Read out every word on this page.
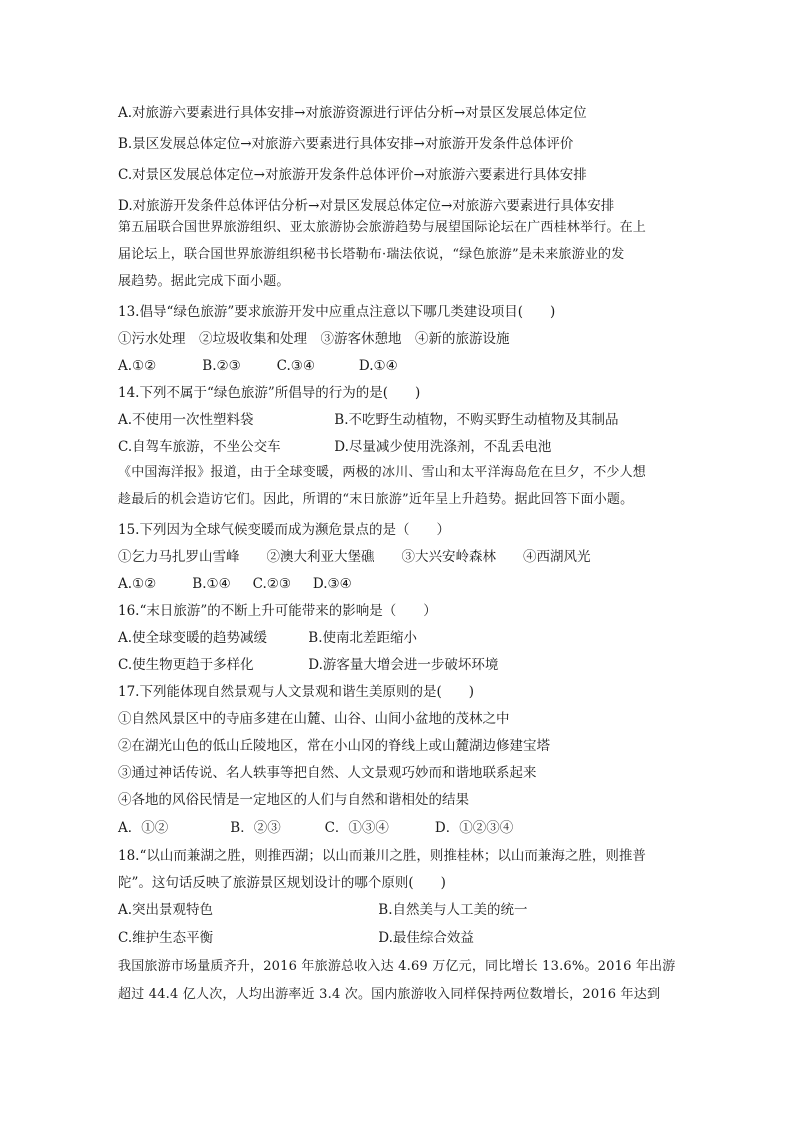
A.对旅游六要素进行具体安排→对旅游资源进行评估分析→对景区发展总体定位
B.景区发展总体定位→对旅游六要素进行具体安排→对旅游开发条件总体评价
C.对景区发展总体定位→对旅游开发条件总体评价→对旅游六要素进行具体安排
D.对旅游开发条件总体评估分析→对景区发展总体定位→对旅游六要素进行具体安排
第五届联合国世界旅游组织、亚太旅游协会旅游趋势与展望国际论坛在广西桂林举行。在上
届论坛上，联合国世界旅游组织秘书长塔勒布·瑞法依说，“绿色旅游”是未来旅游业的发
展趋势。据此完成下面小题。
13.倡导“绿色旅游”要求旅游开发中应重点注意以下哪几类建设项目(　　)
①污水处理　②垃圾收集和处理　③游客休憩地　④新的旅游设施
A.①②	B.②③	C.③④	D.①④
14.下列不属于“绿色旅游”所倡导的行为的是(　　)
A.不使用一次性塑料袋	B.不吃野生动植物，不购买野生动植物及其制品
C.自驾车旅游，不坐公交车	D.尽量减少使用洗涤剂，不乱丢电池
《中国海洋报》报道，由于全球变暖，两极的冰川、雪山和太平洋海岛危在旦夕，不少人想
趁最后的机会造访它们。因此，所谓的“末日旅游”近年呈上升趋势。据此回答下面小题。
15.下列因为全球气候变暖而成为濒危景点的是（　　）
①乞力马扎罗山雪峰　　②澳大利亚大堡礁　　③大兴安岭森林　　④西湖风光
A.①②	B.①④ C.②③ D.③④
16.“末日旅游”的不断上升可能带来的影响是（　　）
A.使全球变暖的趋势减缓	B.使南北差距缩小
C.使生物更趋于多样化	D.游客量大增会进一步破坏环境
17.下列能体现自然景观与人文景观和谐生美原则的是(　　)
①自然风景区中的寺庙多建在山麓、山谷、山间小盆地的茂林之中
②在湖光山色的低山丘陵地区，常在小山冈的脊线上或山麓湖边修建宝塔
③通过神话传说、名人轶事等把自然、人文景观巧妙而和谐地联系起来
④各地的风俗民情是一定地区的人们与自然和谐相处的结果
A．①②	B．②③	C．①③④	D．①②③④
18.“以山而兼湖之胜，则推西湖；以山而兼川之胜，则推桂林；以山而兼海之胜，则推普
陀”。这句话反映了旅游景区规划设计的哪个原则(　　)
A.突出景观特色	B.自然美与人工美的统一
C.维护生态平衡	D.最佳综合效益
我国旅游市场量质齐升，2016 年旅游总收入达 4.69 万亿元，同比增长 13.6%。2016 年出游
超过 44.4 亿人次，人均出游率近 3.4 次。国内旅游收入同样保持两位数增长，2016 年达到
